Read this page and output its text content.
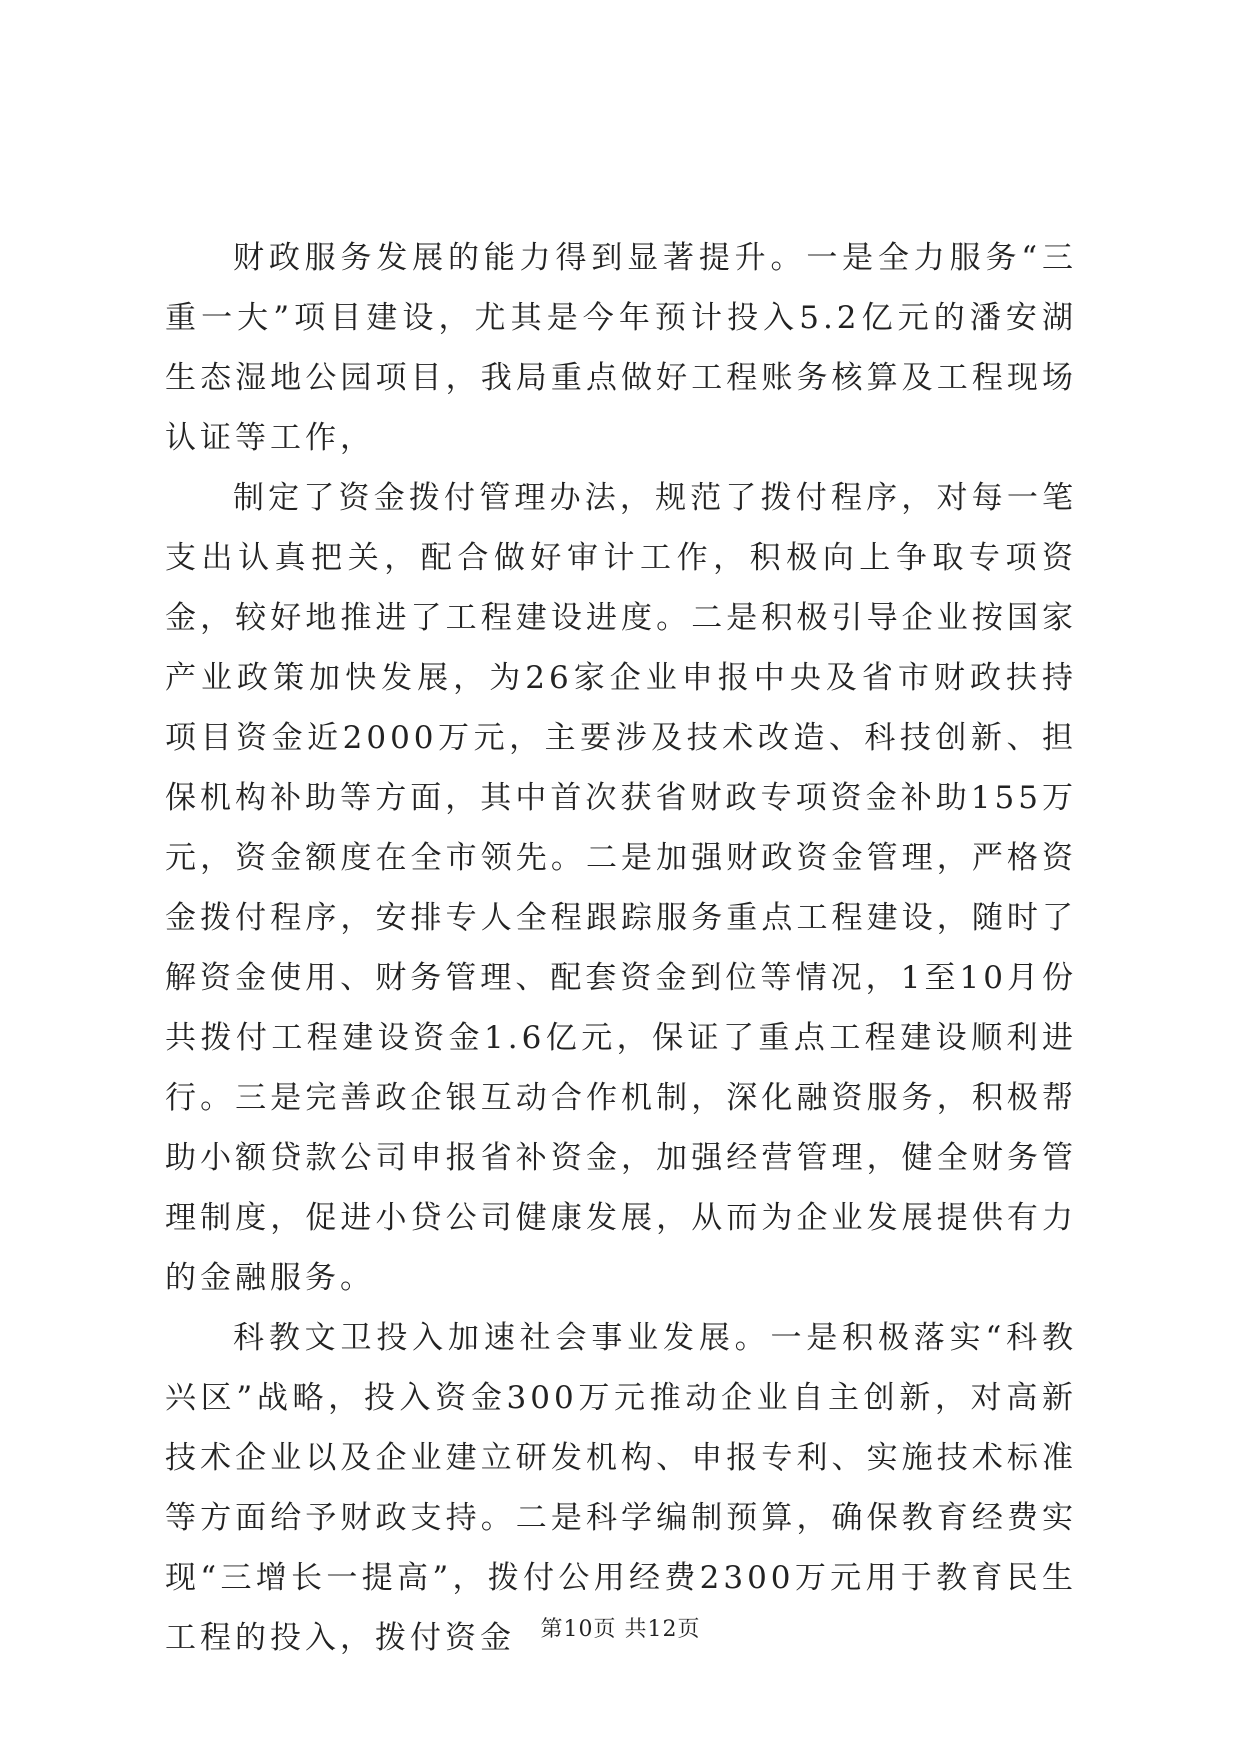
财政服务发展的能力得到显著提升。一是全力服务“三重一大”项目建设，尤其是今年预计投入5.2亿元的潘安湖生态湿地公园项目，我局重点做好工程账务核算及工程现场认证等工作，

制定了资金拨付管理办法，规范了拨付程序，对每一笔支出认真把关，配合做好审计工作，积极向上争取专项资金，较好地推进了工程建设进度。二是积极引导企业按国家产业政策加快发展，为26家企业申报中央及省市财政扶持项目资金近2000万元，主要涉及技术改造、科技创新、担保机构补助等方面，其中首次获省财政专项资金补助155万元，资金额度在全市领先。二是加强财政资金管理，严格资金拨付程序，安排专人全程跟踪服务重点工程建设，随时了解资金使用、财务管理、配套资金到位等情况，1至10月份共拨付工程建设资金1.6亿元，保证了重点工程建设顺利进行。三是完善政企银互动合作机制，深化融资服务，积极帮助小额贷款公司申报省补资金，加强经营管理，健全财务管理制度，促进小贷公司健康发展，从而为企业发展提供有力的金融服务。

科教文卫投入加速社会事业发展。一是积极落实“科教兴区”战略，投入资金300万元推动企业自主创新，对高新技术企业以及企业建立研发机构、申报专利、实施技术标准等方面给予财政支持。二是科学编制预算，确保教育经费实现“三增长一提高”，拨付公用经费2300万元用于教育民生工程的投入，拨付资金	第10页 共12页
